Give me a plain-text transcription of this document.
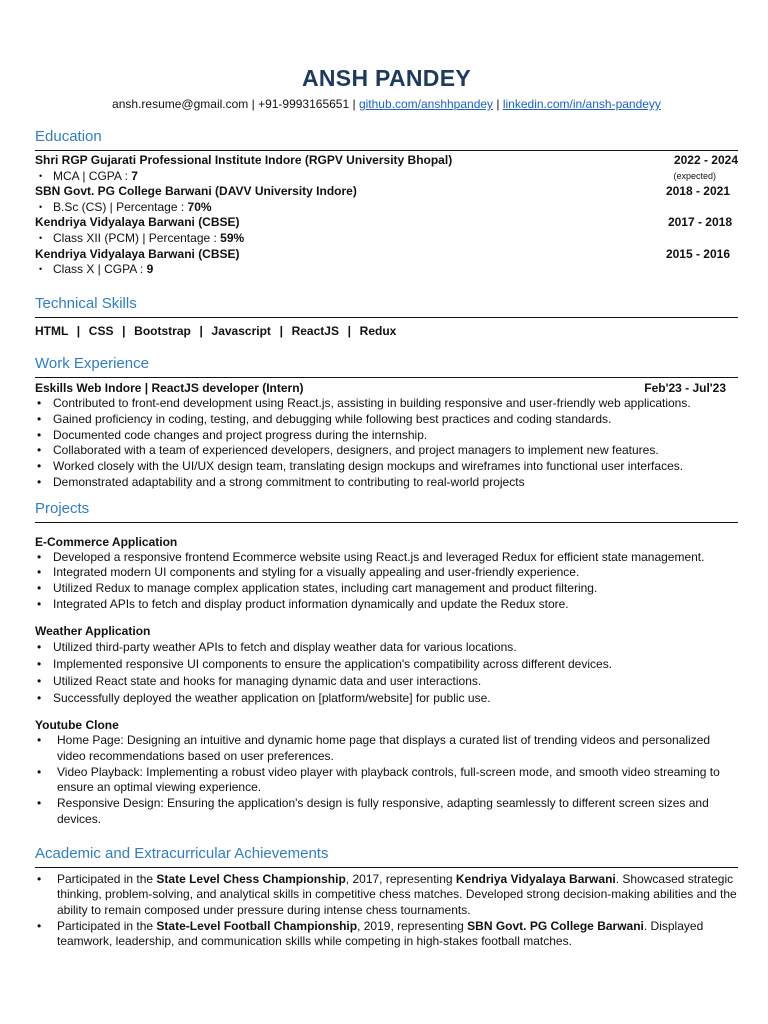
ANSH PANDEY
ansh.resume@gmail.com | +91-9993165651 | github.com/anshhpandey | linkedin.com/in/ansh-pandeyy
Education
Shri RGP Gujarati Professional Institute Indore (RGPV University Bhopal)	2022 - 2024
• MCA | CGPA : 7	(expected)
SBN Govt. PG College Barwani (DAVV University Indore)	2018 - 2021
• B.Sc (CS) | Percentage : 70%
Kendriya Vidyalaya Barwani (CBSE)	2017 - 2018
• Class XII (PCM) | Percentage : 59%
Kendriya Vidyalaya Barwani (CBSE)	2015 - 2016
• Class X | CGPA : 9
Technical Skills
HTML  |  CSS  |  Bootstrap  |  Javascript  |  ReactJS  |  Redux
Work Experience
Eskills Web Indore | ReactJS developer (Intern)	Feb'23 - Jul'23
• Contributed to front-end development using React.js, assisting in building responsive and user-friendly web applications.
• Gained proficiency in coding, testing, and debugging while following best practices and coding standards.
• Documented code changes and project progress during the internship.
• Collaborated with a team of experienced developers, designers, and project managers to implement new features.
• Worked closely with the UI/UX design team, translating design mockups and wireframes into functional user interfaces.
• Demonstrated adaptability and a strong commitment to contributing to real-world projects
Projects
E-Commerce Application
• Developed a responsive frontend Ecommerce website using React.js and leveraged Redux for efficient state management.
• Integrated modern UI components and styling for a visually appealing and user-friendly experience.
• Utilized Redux to manage complex application states, including cart management and product filtering.
• Integrated APIs to fetch and display product information dynamically and update the Redux store.
Weather Application
• Utilized third-party weather APIs to fetch and display weather data for various locations.
• Implemented responsive UI components to ensure the application's compatibility across different devices.
• Utilized React state and hooks for managing dynamic data and user interactions.
• Successfully deployed the weather application on [platform/website] for public use.
Youtube Clone
• Home Page: Designing an intuitive and dynamic home page that displays a curated list of trending videos and personalized video recommendations based on user preferences.
• Video Playback: Implementing a robust video player with playback controls, full-screen mode, and smooth video streaming to ensure an optimal viewing experience.
• Responsive Design: Ensuring the application's design is fully responsive, adapting seamlessly to different screen sizes and devices.
Academic and Extracurricular Achievements
• Participated in the State Level Chess Championship, 2017, representing Kendriya Vidyalaya Barwani. Showcased strategic thinking, problem-solving, and analytical skills in competitive chess matches. Developed strong decision-making abilities and the ability to remain composed under pressure during intense chess tournaments.
• Participated in the State-Level Football Championship, 2019, representing SBN Govt. PG College Barwani. Displayed teamwork, leadership, and communication skills while competing in high-stakes football matches.
